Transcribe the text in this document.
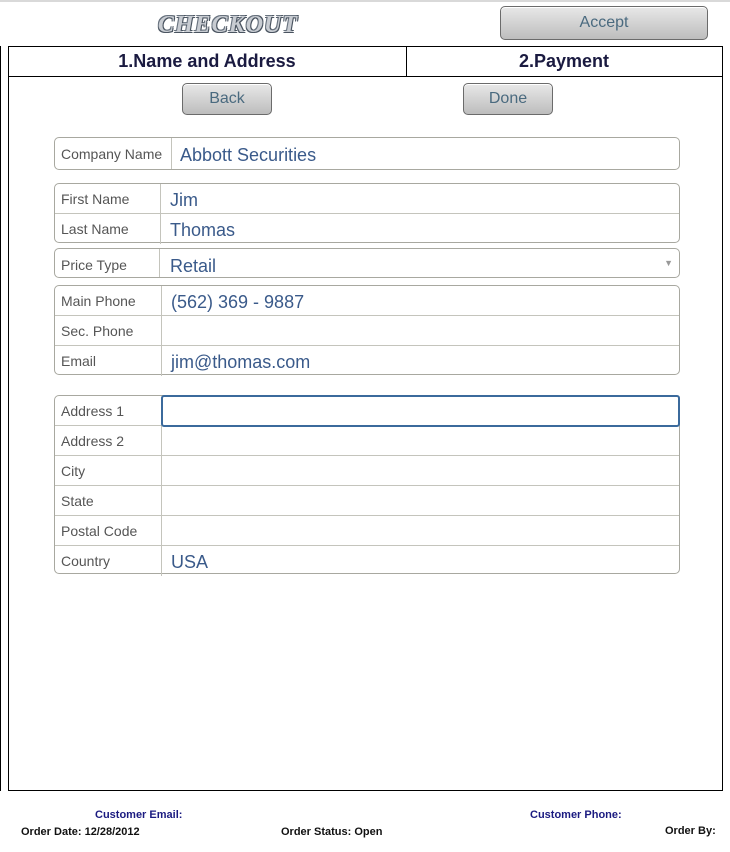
CHECKOUT	Accept
1.Name and Address	2.Payment
Back	Done
Company Name Abbott Securities
First Name Jim
Last Name Thomas
Price Type Retail	▼
Main Phone (562) 369 - 9887
Sec. Phone
Email	jim@thomas.com
Address 1
Address 2
City
State
Postal Code
Country	USA
Customer Email:	Customer Phone:
Order Date: 12/28/2012	Order Status: Open	Order By:
